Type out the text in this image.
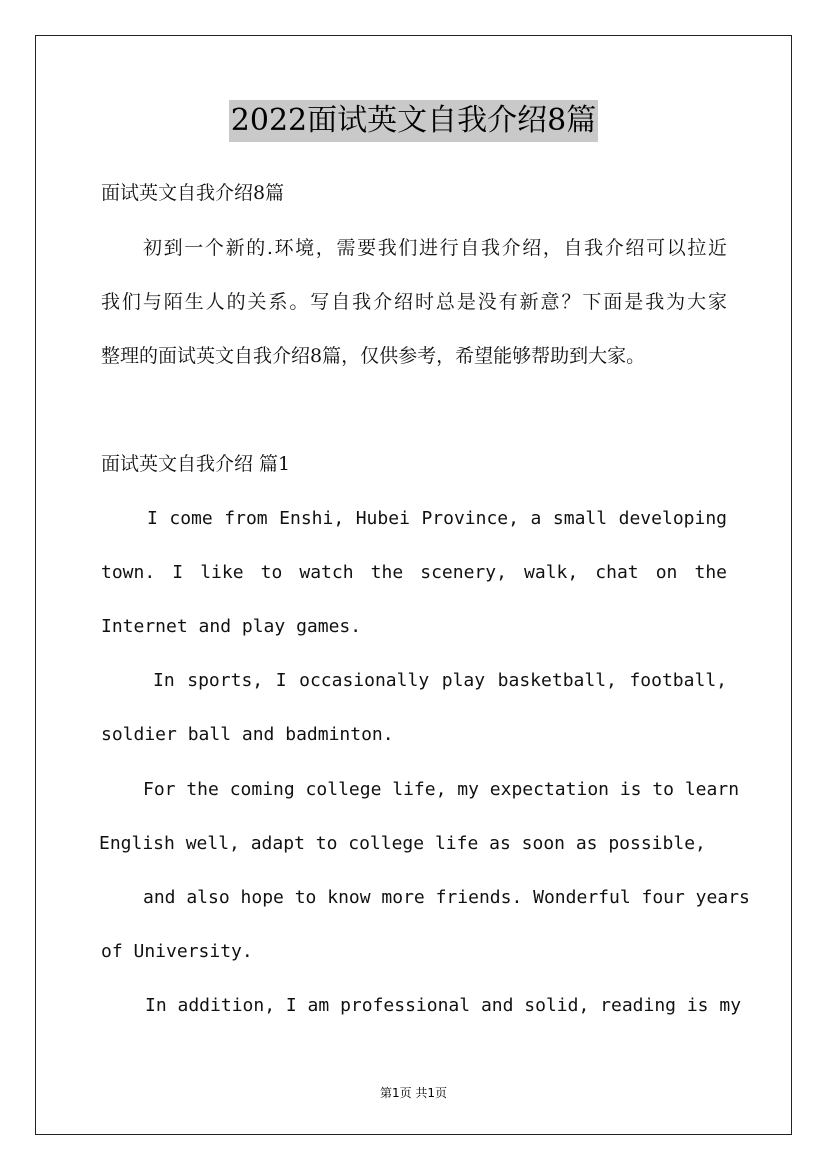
2022面试英文自我介绍8篇
面试英文自我介绍8篇
初到一个新的.环境，需要我们进行自我介绍，自我介绍可以拉近
我们与陌生人的关系。写自我介绍时总是没有新意？下面是我为大家
整理的面试英文自我介绍8篇，仅供参考，希望能够帮助到大家。
面试英文自我介绍 篇1
I come from Enshi, Hubei Province, a small developing
town. I like to watch the scenery, walk, chat on the
Internet and play games.
In sports, I occasionally play basketball, football,
soldier ball and badminton.
For the coming college life, my expectation is to learn
English well, adapt to college life as soon as possible,
and also hope to know more friends. Wonderful four years
of University.
In addition, I am professional and solid, reading is my
第1页 共1页
